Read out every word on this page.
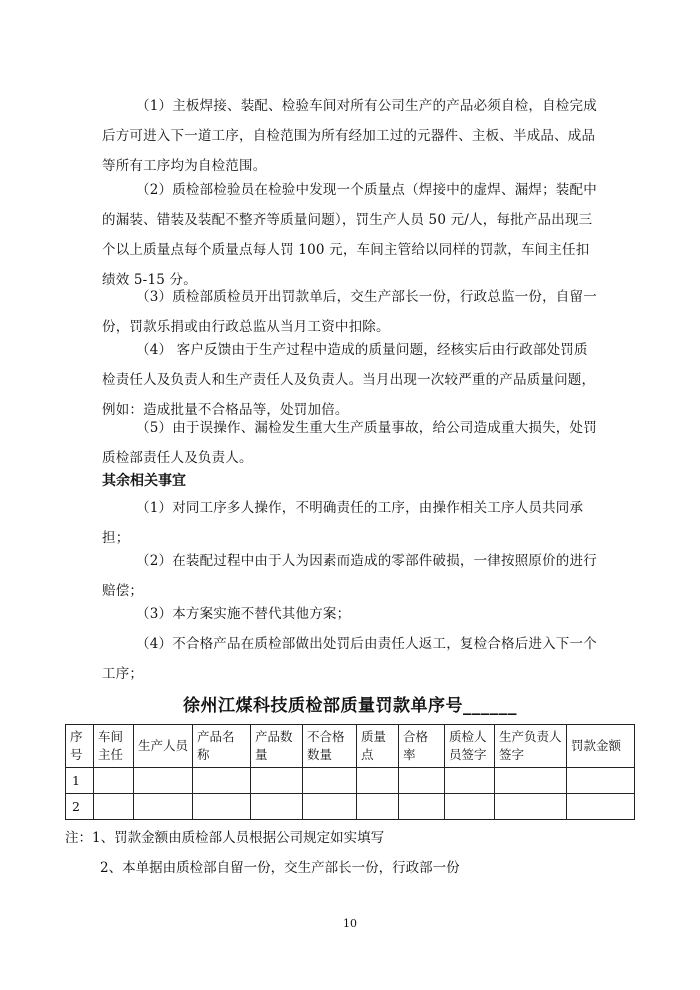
（1）主板焊接、装配、检验车间对所有公司生产的产品必须自检，自检完成后方可进入下一道工序，自检范围为所有经加工过的元器件、主板、半成品、成品等所有工序均为自检范围。
（2）质检部检验员在检验中发现一个质量点（焊接中的虚焊、漏焊；装配中的漏装、错装及装配不整齐等质量问题），罚生产人员 50 元/人，每批产品出现三个以上质量点每个质量点每人罚 100 元，车间主管给以同样的罚款，车间主任扣绩效 5-15 分。
（3）质检部质检员开出罚款单后，交生产部长一份，行政总监一份，自留一份，罚款乐捐或由行政总监从当月工资中扣除。
（4） 客户反馈由于生产过程中造成的质量问题，经核实后由行政部处罚质检责任人及负责人和生产责任人及负责人。当月出现一次较严重的产品质量问题，例如：造成批量不合格品等，处罚加倍。
（5）由于误操作、漏检发生重大生产质量事故，给公司造成重大损失，处罚质检部责任人及负责人。
其余相关事宜
（1）对同工序多人操作，不明确责任的工序，由操作相关工序人员共同承担；
（2）在装配过程中由于人为因素而造成的零部件破损，一律按照原价的进行赔偿；
（3）本方案实施不替代其他方案；
（4）不合格产品在质检部做出处罚后由责任人返工，复检合格后进入下一个工序；
徐州江煤科技质检部质量罚款单序号______
序号	车间主任	生产人员	产品名称	产品数量	不合格数量	质量点	合格率	质检人员签字	生产负责人签字	罚款金额
1										
2										
注：1、罚款金额由质检部人员根据公司规定如实填写
2、本单据由质检部自留一份，交生产部长一份，行政部一份
10
